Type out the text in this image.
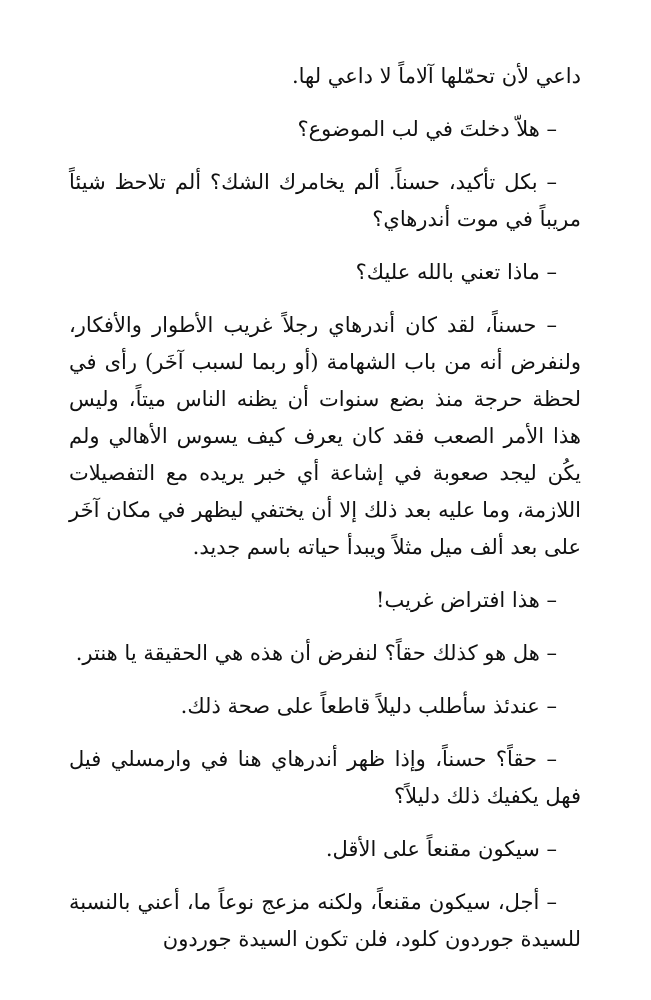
داعي لأن تحمّلها آلاماً لا داعي لها.

– هلاّ دخلتَ في لب الموضوع؟

– بكل تأكيد، حسناً. ألم يخامرك الشك؟ ألم تلاحظ شيئاً مريباً في موت أندرهاي؟

– ماذا تعني بالله عليك؟

– حسناً، لقد كان أندرهاي رجلاً غريب الأطوار والأفكار، ولنفرض أنه من باب الشهامة (أو ربما لسبب آخَر) رأى في لحظة حرجة منذ بضع سنوات أن يظنه الناس ميتاً، وليس هذا الأمر الصعب فقد كان يعرف كيف يسوس الأهالي ولم يكُن ليجد صعوبة في إشاعة أي خبر يريده مع التفصيلات اللازمة، وما عليه بعد ذلك إلا أن يختفي ليظهر في مكان آخَر على بعد ألف ميل مثلاً ويبدأ حياته باسم جديد.

– هذا افتراض غريب!

– هل هو كذلك حقاً؟ لنفرض أن هذه هي الحقيقة يا هنتر.

– عندئذ سأطلب دليلاً قاطعاً على صحة ذلك.

– حقاً؟ حسناً، وإذا ظهر أندرهاي هنا في وارمسلي فيل فهل يكفيك ذلك دليلاً؟

– سيكون مقنعاً على الأقل.

– أجل، سيكون مقنعاً، ولكنه مزعج نوعاً ما، أعني بالنسبة للسيدة جوردون كلود، فلن تكون السيدة جوردون
